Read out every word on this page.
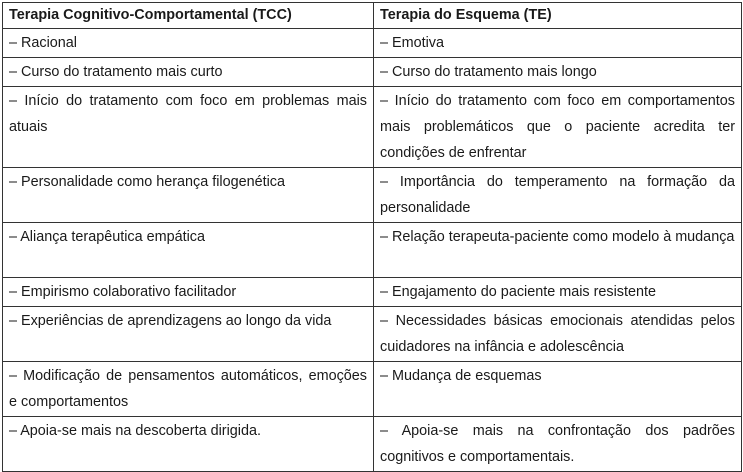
Terapia Cognitivo-Comportamental (TCC)	Terapia do Esquema (TE)
– Racional	– Emotiva
– Curso do tratamento mais curto	– Curso do tratamento mais longo
– Início do tratamento com foco em problemas mais atuais	– Início do tratamento com foco em comportamentos mais problemáticos que o paciente acredita ter condições de enfrentar
– Personalidade como herança filogenética	– Importância do temperamento na formação da personalidade
– Aliança terapêutica empática	– Relação terapeuta-paciente como modelo à mudança
– Empirismo colaborativo facilitador	– Engajamento do paciente mais resistente
– Experiências de aprendizagens ao longo da vida	– Necessidades básicas emocionais atendidas pelos cuidadores na infância e adolescência
– Modificação de pensamentos automáticos, emoções e comportamentos	– Mudança de esquemas
– Apoia-se mais na descoberta dirigida.	– Apoia-se mais na confrontação dos padrões cognitivos e comportamentais.
